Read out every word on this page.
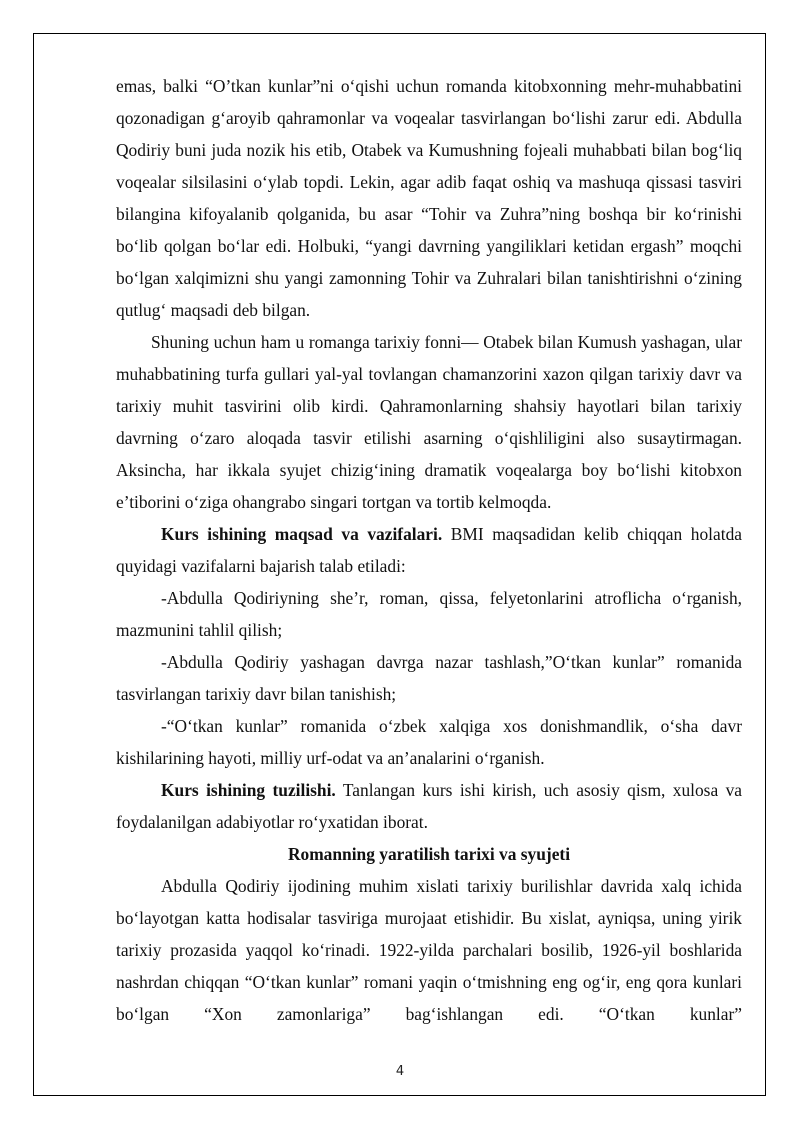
emas, balki “O’tkan kunlar”ni o‘qishi uchun romanda kitobxonning mehr-muhabbatini qozonadigan g‘aroyib qahramonlar va voqealar tasvirlangan bo‘lishi zarur edi. Abdulla Qodiriy buni juda nozik his etib, Otabek va Kumushning fojeali muhabbati bilan bog‘liq voqealar silsilasini o‘ylab topdi. Lekin, agar adib faqat oshiq va mashuqa qissasi tasviri bilangina kifoyalanib qolganida, bu asar “Tohir va Zuhra”ning boshqa bir ko‘rinishi bo‘lib qolgan bo‘lar edi. Holbuki, “yangi davrning yangiliklari ketidan ergash” moqchi bo‘lgan xalqimizni shu yangi zamonning Tohir va Zuhralari bilan tanishtirishni o‘zining qutlug‘ maqsadi deb bilgan.

Shuning uchun ham u romanga tarixiy fonni— Otabek bilan Kumush yashagan, ular muhabbatining turfa gullari yal-yal tovlangan chamanzorini xazon qilgan tarixiy davr va tarixiy muhit tasvirini olib kirdi. Qahramonlarning shahsiy hayotlari bilan tarixiy davrning o‘zaro aloqada tasvir etilishi asarning o‘qishliligini also susaytirmagan. Aksincha, har ikkala syujet chizig‘ining dramatik voqealarga boy bo‘lishi kitobxon e’tiborini o‘ziga ohangrabo singari tortgan va tortib kelmoqda.

Kurs ishining maqsad va vazifalari. BMI maqsadidan kelib chiqqan holatda quyidagi vazifalarni bajarish talab etiladi:

-Abdulla Qodiriyning she’r, roman, qissa, felyetonlarini atroflicha o‘rganish, mazmunini tahlil qilish;

-Abdulla Qodiriy yashagan davrga nazar tashlash,”O‘tkan kunlar” romanida tasvirlangan tarixiy davr bilan tanishish;

-“O‘tkan kunlar” romanida o‘zbek xalqiga xos donishmandlik, o‘sha davr kishilarining hayoti, milliy urf-odat va an’analarini o‘rganish.

Kurs ishining tuzilishi. Tanlangan kurs ishi kirish, uch asosiy qism, xulosa va foydalanilgan adabiyotlar ro‘yxatidan iborat.

Romanning yaratilish tarixi va syujeti

Abdulla Qodiriy ijodining muhim xislati tarixiy burilishlar davrida xalq ichida bo‘layotgan katta hodisalar tasviriga murojaat etishidir. Bu xislat, ayniqsa, uning yirik tarixiy prozasida yaqqol ko‘rinadi. 1922-yilda parchalari bosilib, 1926-yil boshlarida nashrdan chiqqan “O‘tkan kunlar” romani yaqin o‘tmishning eng og‘ir, eng qora kunlari bo‘lgan “Xon zamonlariga” bag‘ishlangan edi. “O‘tkan kunlar”

4
